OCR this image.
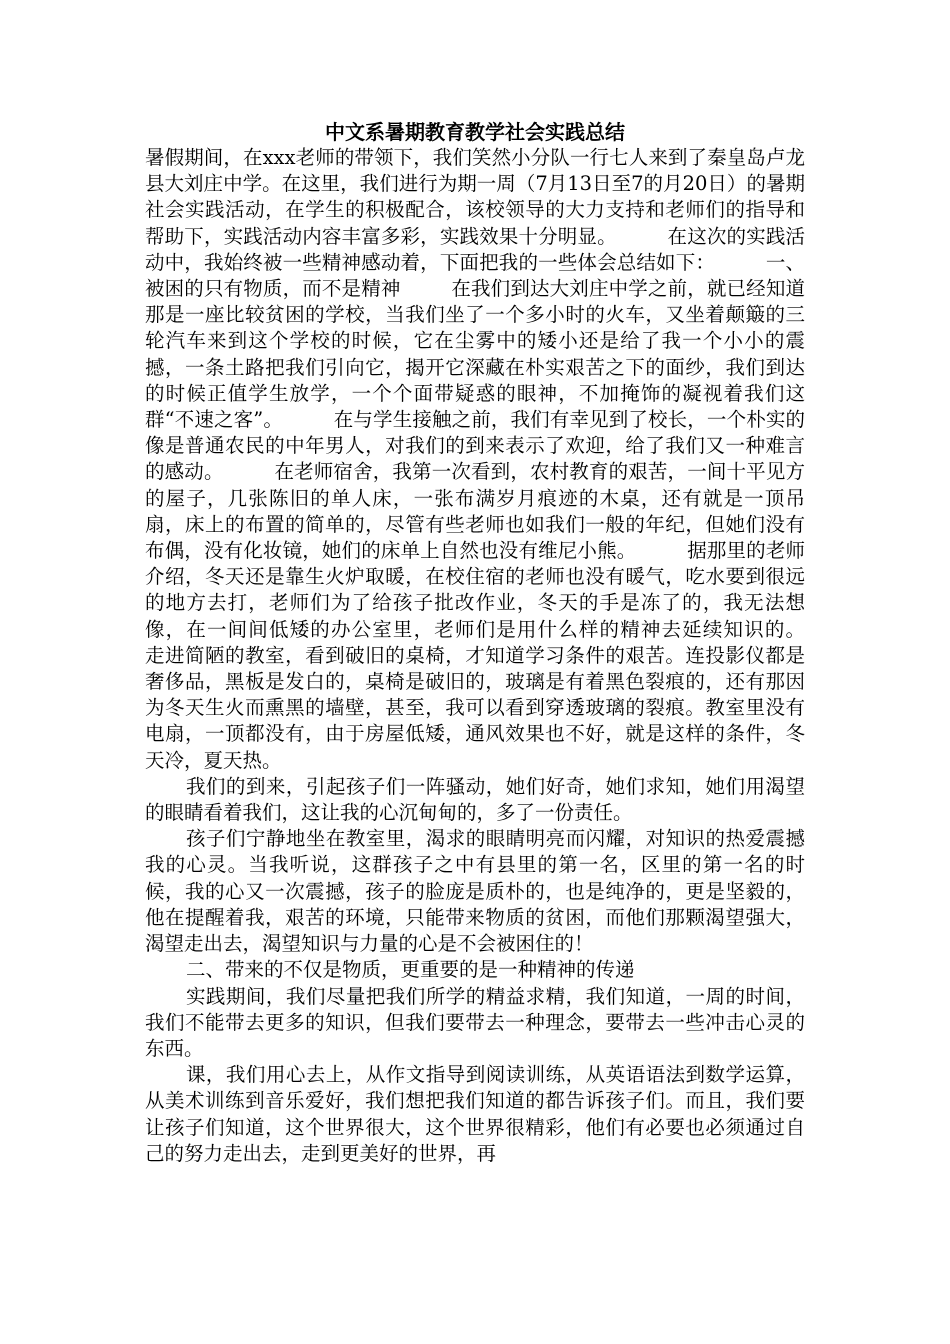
中文系暑期教育教学社会实践总结

暑假期间，在xxx老师的带领下，我们笑然小分队一行七人来到了秦皇岛卢龙县大刘庄中学。在这里，我们进行为期一周（7月13日至7的月20日）的暑期社会实践活动，在学生的积极配合，该校领导的大力支持和老师们的指导和帮助下，实践活动内容丰富多彩，实践效果十分明显。        在这次的实践活动中，我始终被一些精神感动着，下面把我的一些体会总结如下：        一、被困的只有物质，而不是精神        在我们到达大刘庄中学之前，就已经知道那是一座比较贫困的学校，当我们坐了一个多小时的火车，又坐着颠簸的三轮汽车来到这个学校的时候，它在尘雾中的矮小还是给了我一个小小的震撼，一条土路把我们引向它，揭开它深藏在朴实艰苦之下的面纱，我们到达的时候正值学生放学，一个个面带疑惑的眼神，不加掩饰的凝视着我们这群“不速之客”。        在与学生接触之前，我们有幸见到了校长，一个朴实的像是普通农民的中年男人，对我们的到来表示了欢迎，给了我们又一种难言的感动。        在老师宿舍，我第一次看到，农村教育的艰苦，一间十平见方的屋子，几张陈旧的单人床，一张布满岁月痕迹的木桌，还有就是一顶吊扇，床上的布置的简单的，尽管有些老师也如我们一般的年纪，但她们没有布偶，没有化妆镜，她们的床单上自然也没有维尼小熊。        据那里的老师介绍，冬天还是靠生火炉取暖，在校住宿的老师也没有暖气，吃水要到很远的地方去打，老师们为了给孩子批改作业，冬天的手是冻了的，我无法想像，在一间间低矮的办公室里，老师们是用什么样的精神去延续知识的。        走进简陋的教室，看到破旧的桌椅，才知道学习条件的艰苦。连投影仪都是奢侈品，黑板是发白的，桌椅是破旧的，玻璃是有着黑色裂痕的，还有那因为冬天生火而熏黑的墙壁，甚至，我可以看到穿透玻璃的裂痕。教室里没有电扇，一顶都没有，由于房屋低矮，通风效果也不好，就是这样的条件，冬天冷，夏天热。

我们的到来，引起孩子们一阵骚动，她们好奇，她们求知，她们用渴望的眼睛看着我们，这让我的心沉甸甸的，多了一份责任。

孩子们宁静地坐在教室里，渴求的眼睛明亮而闪耀，对知识的热爱震撼我的心灵。当我听说，这群孩子之中有县里的第一名，区里的第一名的时候，我的心又一次震撼，孩子的脸庞是质朴的，也是纯净的，更是坚毅的，他在提醒着我，艰苦的环境，只能带来物质的贫困，而他们那颗渴望强大，渴望走出去，渴望知识与力量的心是不会被困住的！

二、带来的不仅是物质，更重要的是一种精神的传递

实践期间，我们尽量把我们所学的精益求精，我们知道，一周的时间，我们不能带去更多的知识，但我们要带去一种理念，要带去一些冲击心灵的东西。

课，我们用心去上，从作文指导到阅读训练，从英语语法到数学运算，从美术训练到音乐爱好，我们想把我们知道的都告诉孩子们。而且，我们要让孩子们知道，这个世界很大，这个世界很精彩，他们有必要也必须通过自己的努力走出去，走到更美好的世界，再
